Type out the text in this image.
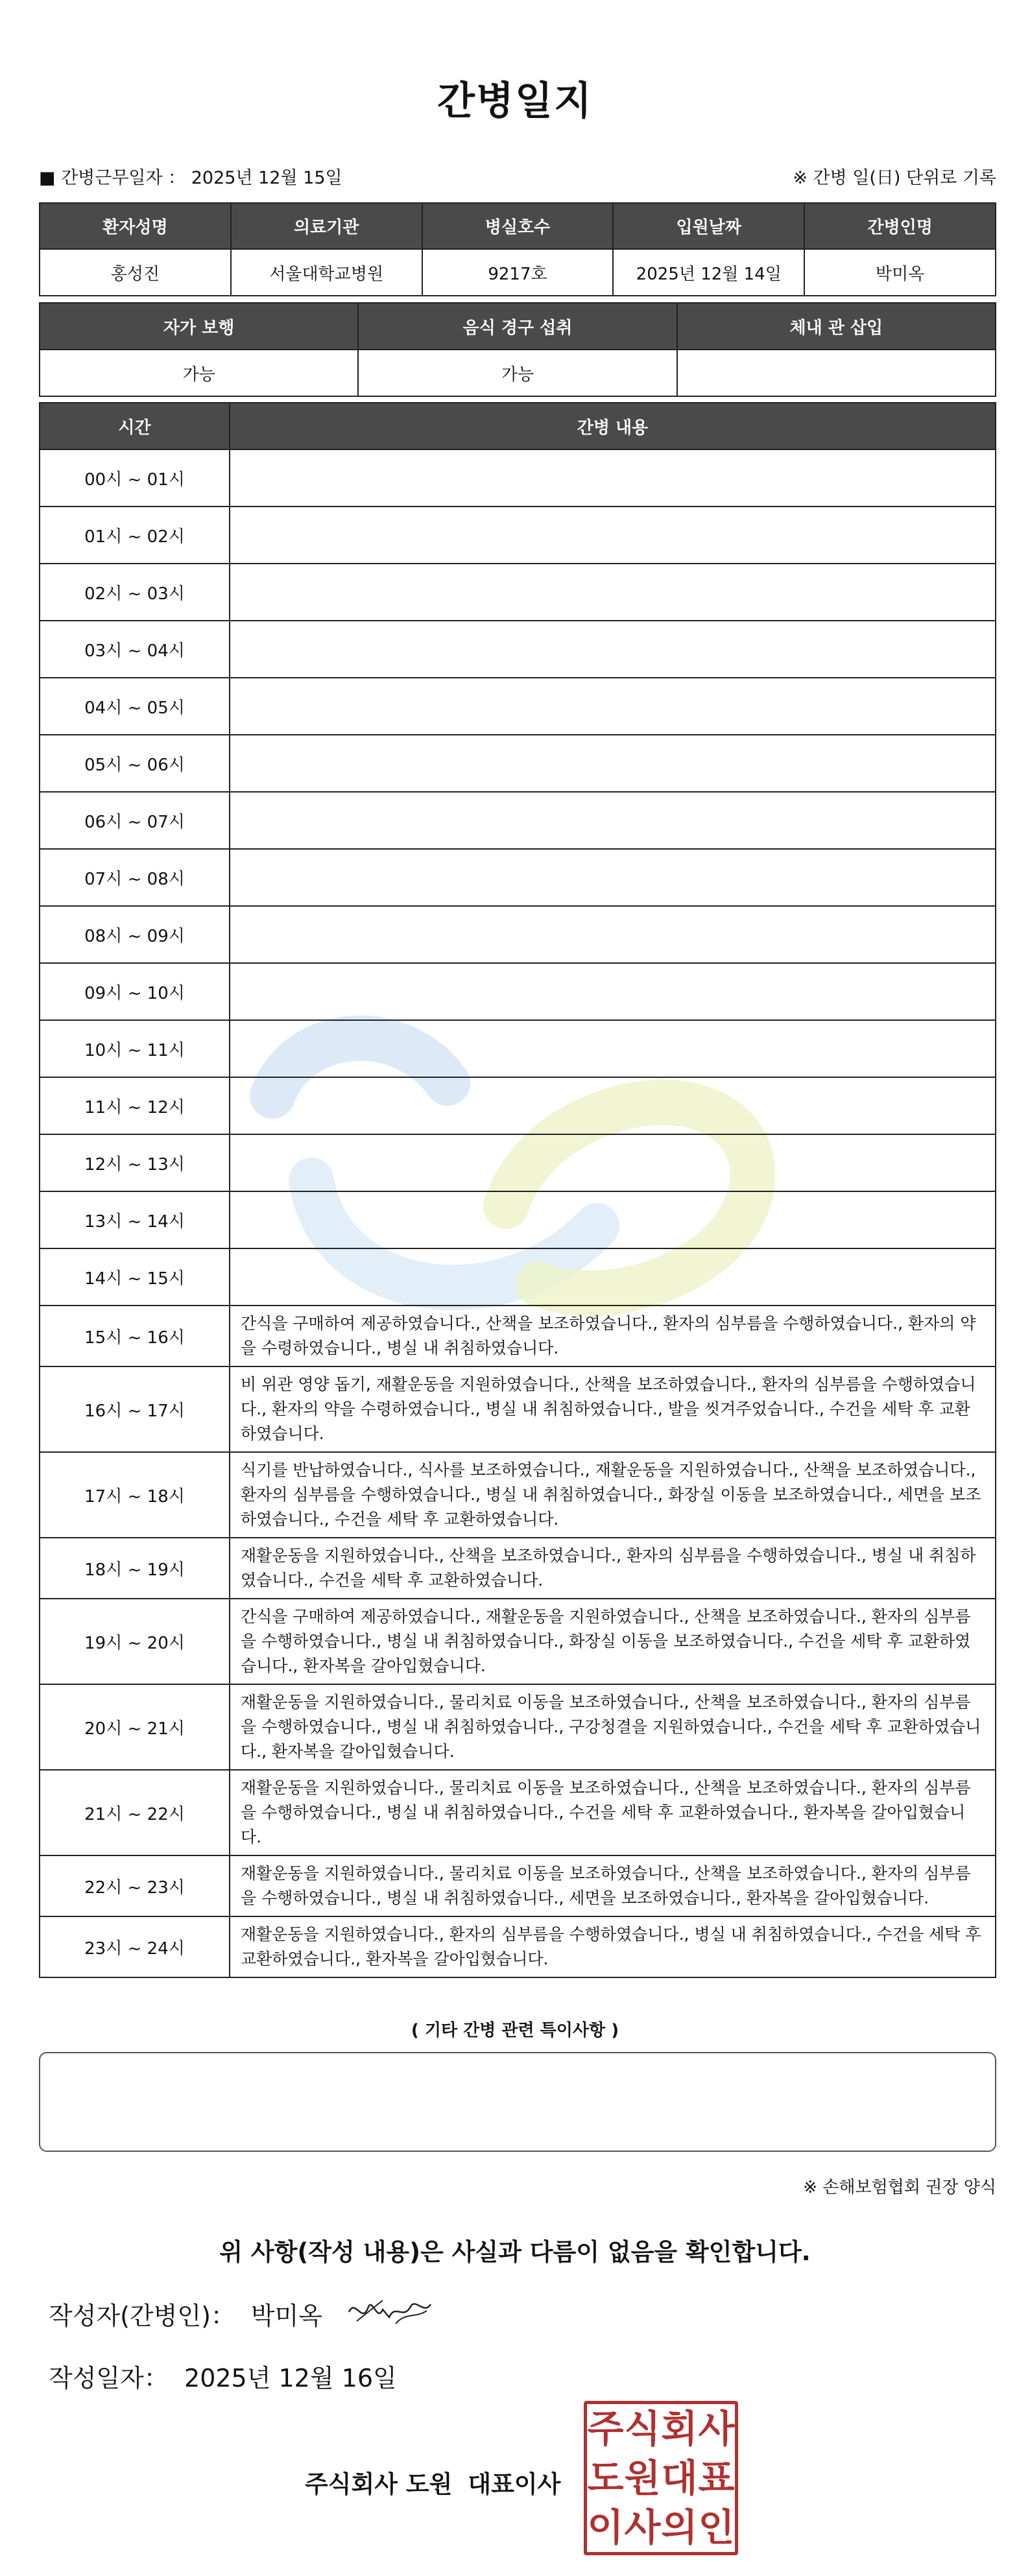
간병일지
■ 간병근무일자 ： 2025년 12월 15일	※ 간병 일(日) 단위로 기록
환자성명	의료기관	병실호수	입원날짜	간병인명
홍성진	서울대학교병원	9217호	2025년 12월 14일	박미옥
자가 보행	음식 경구 섭취	체내 관 삽입
가능	가능	
시간	간병 내용
00시 ~ 01시	
01시 ~ 02시	
02시 ~ 03시	
03시 ~ 04시	
04시 ~ 05시	
05시 ~ 06시	
06시 ~ 07시	
07시 ~ 08시	
08시 ~ 09시	
09시 ~ 10시	
10시 ~ 11시	
11시 ~ 12시	
12시 ~ 13시	
13시 ~ 14시	
14시 ~ 15시	
15시 ~ 16시	간식을 구매하여 제공하였습니다., 산책을 보조하였습니다., 환자의 심부름을 수행하였습니다., 환자의 약을 수령하였습니다., 병실 내 취침하였습니다.
16시 ~ 17시	비 위관 영양 돕기, 재활운동을 지원하였습니다., 산책을 보조하였습니다., 환자의 심부름을 수행하였습니다., 환자의 약을 수령하였습니다., 병실 내 취침하였습니다., 발을 씻겨주었습니다., 수건을 세탁 후 교환하였습니다.
17시 ~ 18시	식기를 반납하였습니다., 식사를 보조하였습니다., 재활운동을 지원하였습니다., 산책을 보조하였습니다., 환자의 심부름을 수행하였습니다., 병실 내 취침하였습니다., 화장실 이동을 보조하였습니다., 세면을 보조하였습니다., 수건을 세탁 후 교환하였습니다.
18시 ~ 19시	재활운동을 지원하였습니다., 산책을 보조하였습니다., 환자의 심부름을 수행하였습니다., 병실 내 취침하였습니다., 수건을 세탁 후 교환하였습니다.
19시 ~ 20시	간식을 구매하여 제공하였습니다., 재활운동을 지원하였습니다., 산책을 보조하였습니다., 환자의 심부름을 수행하였습니다., 병실 내 취침하였습니다., 화장실 이동을 보조하였습니다., 수건을 세탁 후 교환하였습니다., 환자복을 갈아입혔습니다.
20시 ~ 21시	재활운동을 지원하였습니다., 물리치료 이동을 보조하였습니다., 산책을 보조하였습니다., 환자의 심부름을 수행하였습니다., 병실 내 취침하였습니다., 구강청결을 지원하였습니다., 수건을 세탁 후 교환하였습니다., 환자복을 갈아입혔습니다.
21시 ~ 22시	재활운동을 지원하였습니다., 물리치료 이동을 보조하였습니다., 산책을 보조하였습니다., 환자의 심부름을 수행하였습니다., 병실 내 취침하였습니다., 수건을 세탁 후 교환하였습니다., 환자복을 갈아입혔습니다.
22시 ~ 23시	재활운동을 지원하였습니다., 물리치료 이동을 보조하였습니다., 산책을 보조하였습니다., 환자의 심부름을 수행하였습니다., 병실 내 취침하였습니다., 세면을 보조하였습니다., 환자복을 갈아입혔습니다.
23시 ~ 24시	재활운동을 지원하였습니다., 환자의 심부름을 수행하였습니다., 병실 내 취침하였습니다., 수건을 세탁 후 교환하였습니다., 환자복을 갈아입혔습니다.
( 기타 간병 관련 특이사항 )
※ 손해보험협회 권장 양식
위 사항(작성 내용)은 사실과 다름이 없음을 확인합니다.
작성자(간병인)： 박미옥
작성일자： 2025년 12월 16일
주식회사 도원 대표이사
주 식 회 사
도 원 대 표
이 사 의 인
